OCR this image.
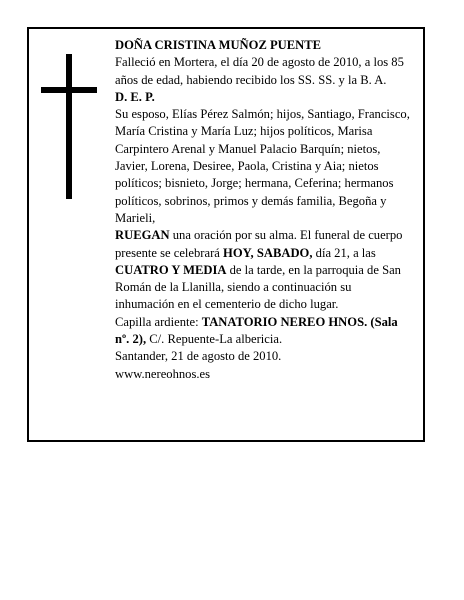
DOÑA CRISTINA MUÑOZ PUENTE

Falleció en Mortera, el día 20 de agosto de 2010, a los 85 años de edad, habiendo recibido los SS. SS. y la B. A.

D. E. P.

Su esposo, Elías Pérez Salmón; hijos, Santiago, Francisco, María Cristina y María Luz; hijos políticos, Marisa Carpintero Arenal y Manuel Palacio Barquín; nietos, Javier, Lorena, Desiree, Paola, Cristina y Aia; nietos políticos; bisnieto, Jorge; hermana, Ceferina; hermanos políticos, sobrinos, primos y demás familia, Begoña y Marieli,

RUEGAN una oración por su alma. El funeral de cuerpo presente se celebrará HOY, SABADO, día 21, a las CUATRO Y MEDIA de la tarde, en la parroquia de San Román de la Llanilla, siendo a continuación su inhumación en el cementerio de dicho lugar.

Capilla ardiente: TANATORIO NEREO HNOS. (Sala nº. 2), C/. Repuente-La albericia.

Santander, 21 de agosto de 2010.

www.nereohnos.es
